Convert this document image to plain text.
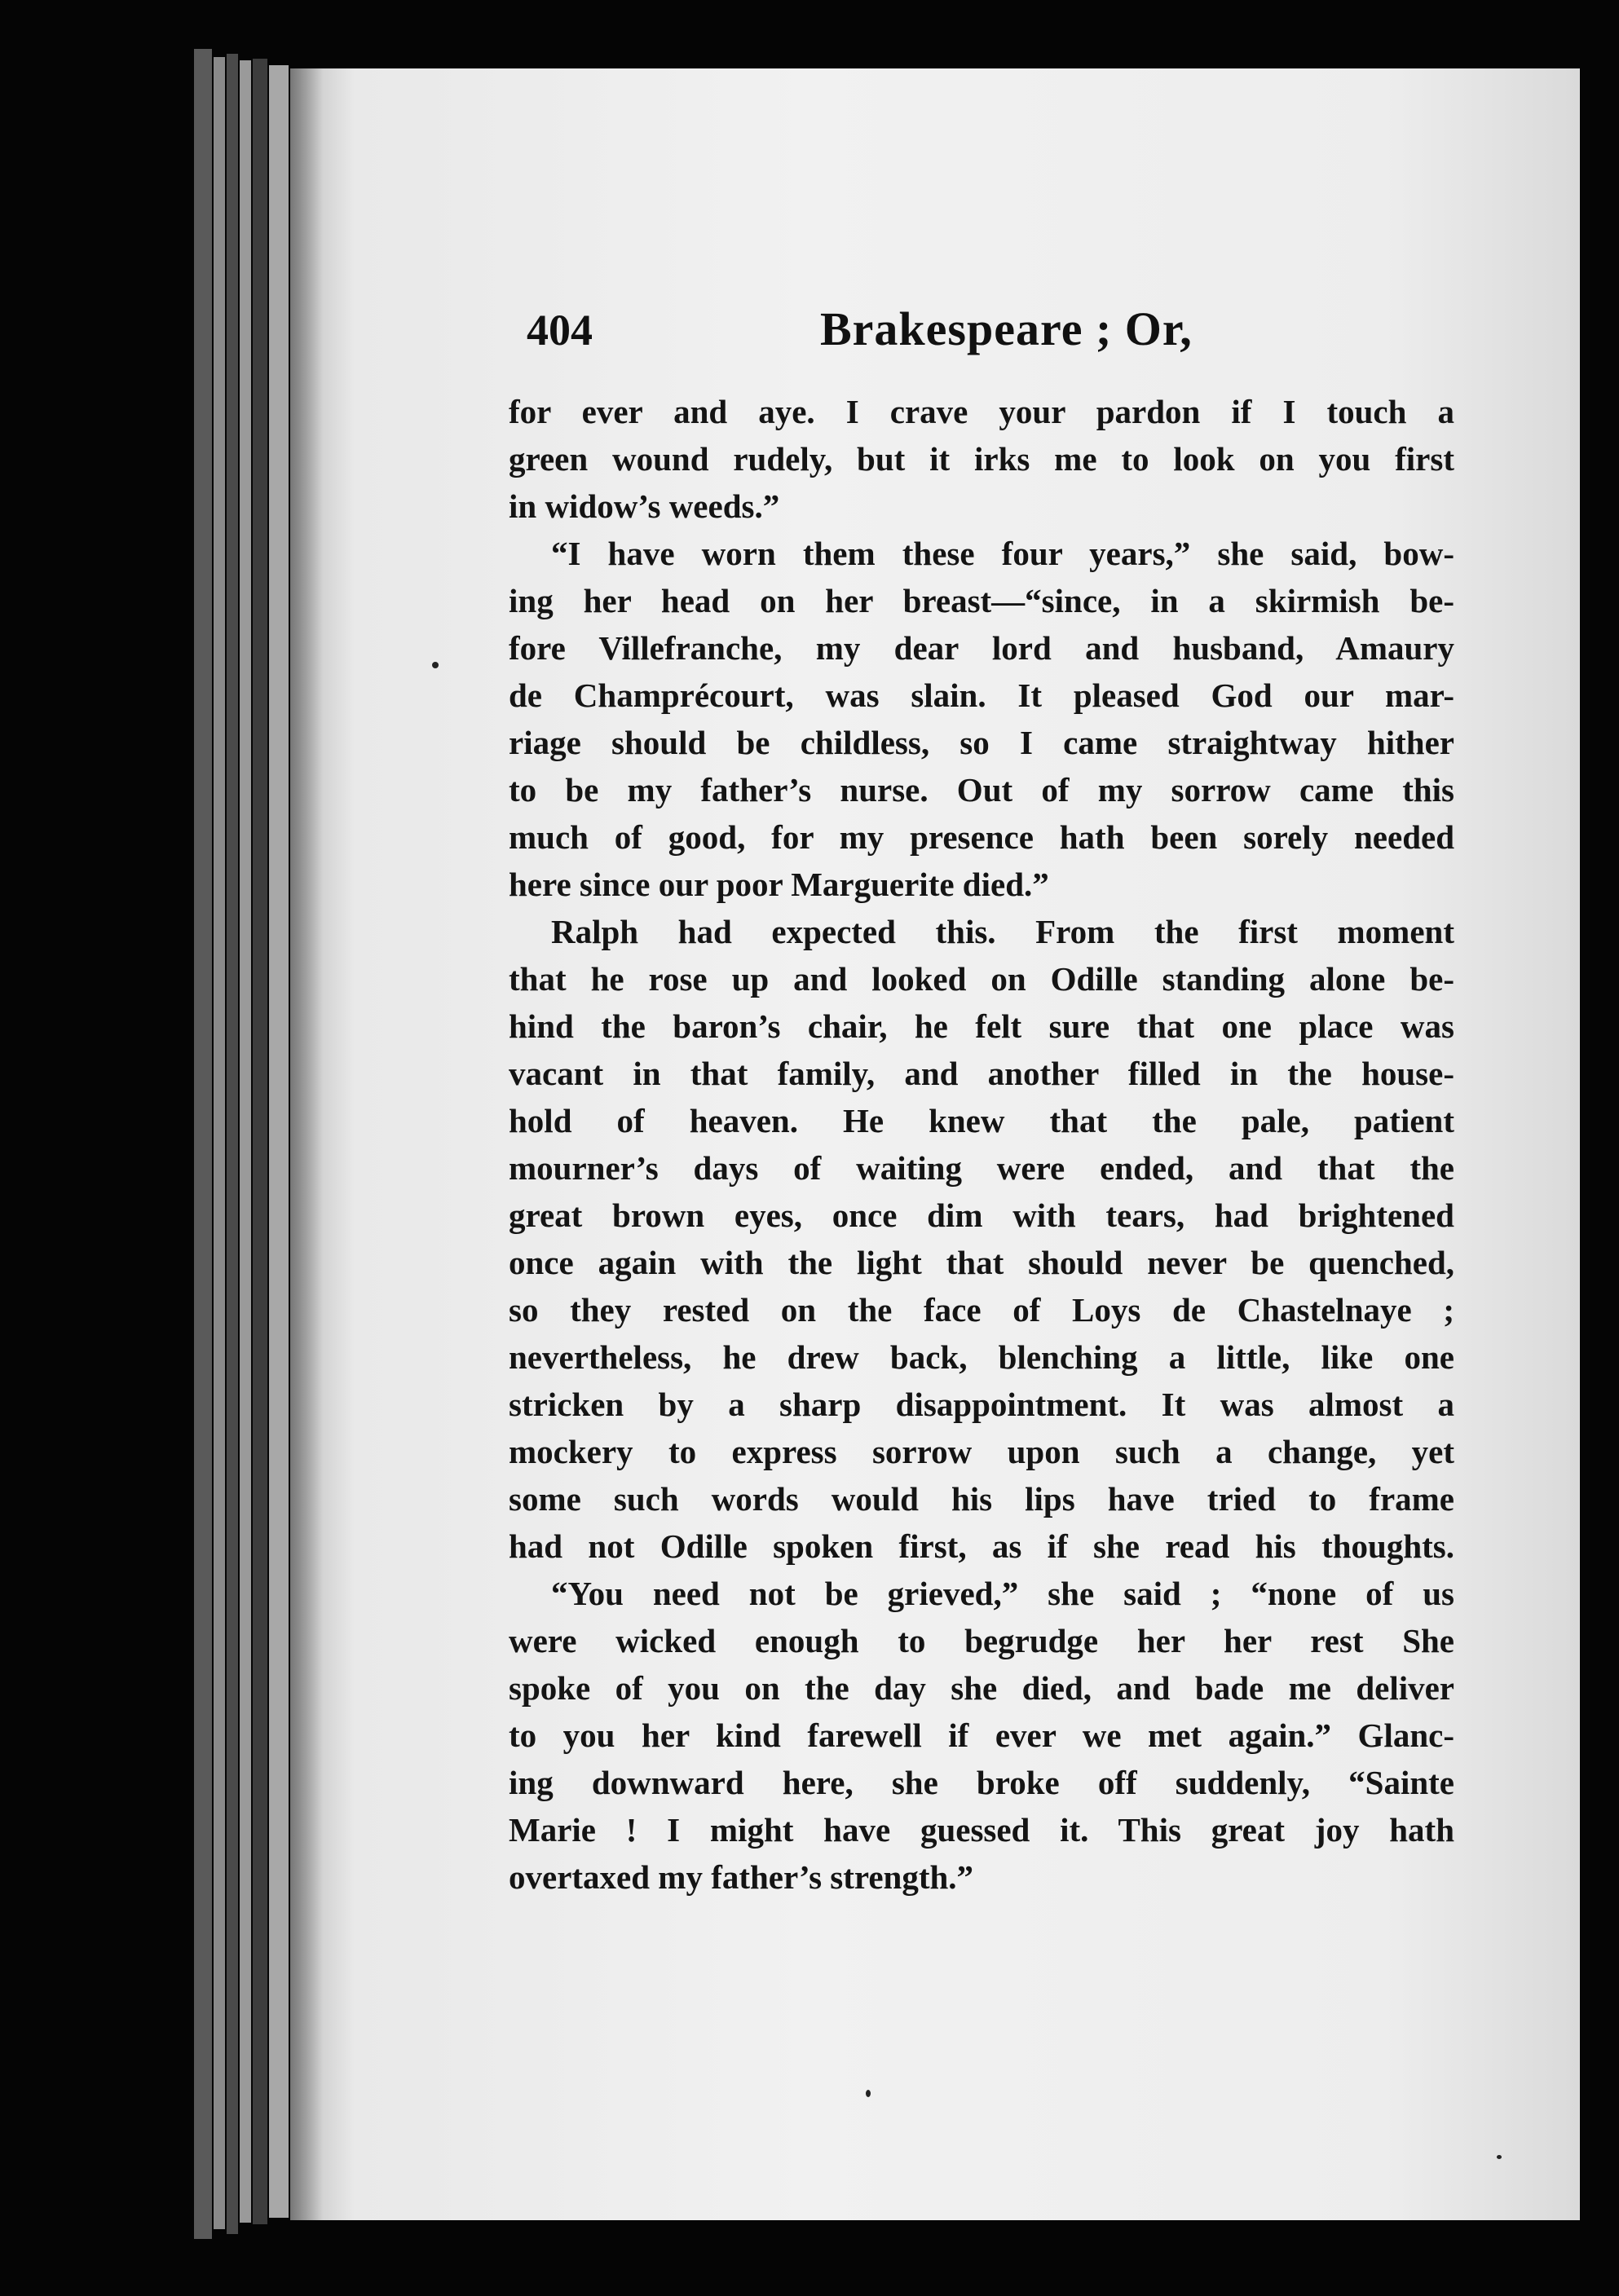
404	Brakespeare ; Or,
for ever and aye. I crave your pardon if I touch a
green wound rudely, but it irks me to look on you first
in widow’s weeds.”
“I have worn them these four years,” she said, bow-
ing her head on her breast—“since, in a skirmish be-
fore Villefranche, my dear lord and husband, Amaury
de Champrécourt, was slain. It pleased God our mar-
riage should be childless, so I came straightway hither
to be my father’s nurse. Out of my sorrow came this
much of good, for my presence hath been sorely needed
here since our poor Marguerite died.”
Ralph had expected this. From the first moment
that he rose up and looked on Odille standing alone be-
hind the baron’s chair, he felt sure that one place was
vacant in that family, and another filled in the house-
hold of heaven. He knew that the pale, patient
mourner’s days of waiting were ended, and that the
great brown eyes, once dim with tears, had brightened
once again with the light that should never be quenched,
so they rested on the face of Loys de Chastelnaye ;
nevertheless, he drew back, blenching a little, like one
stricken by a sharp disappointment. It was almost a
mockery to express sorrow upon such a change, yet
some such words would his lips have tried to frame
had not Odille spoken first, as if she read his thoughts.
“You need not be grieved,” she said ; “none of us
were wicked enough to begrudge her her rest She
spoke of you on the day she died, and bade me deliver
to you her kind farewell if ever we met again.” Glanc-
ing downward here, she broke off suddenly, “Sainte
Marie ! I might have guessed it. This great joy hath
overtaxed my father’s strength.”
